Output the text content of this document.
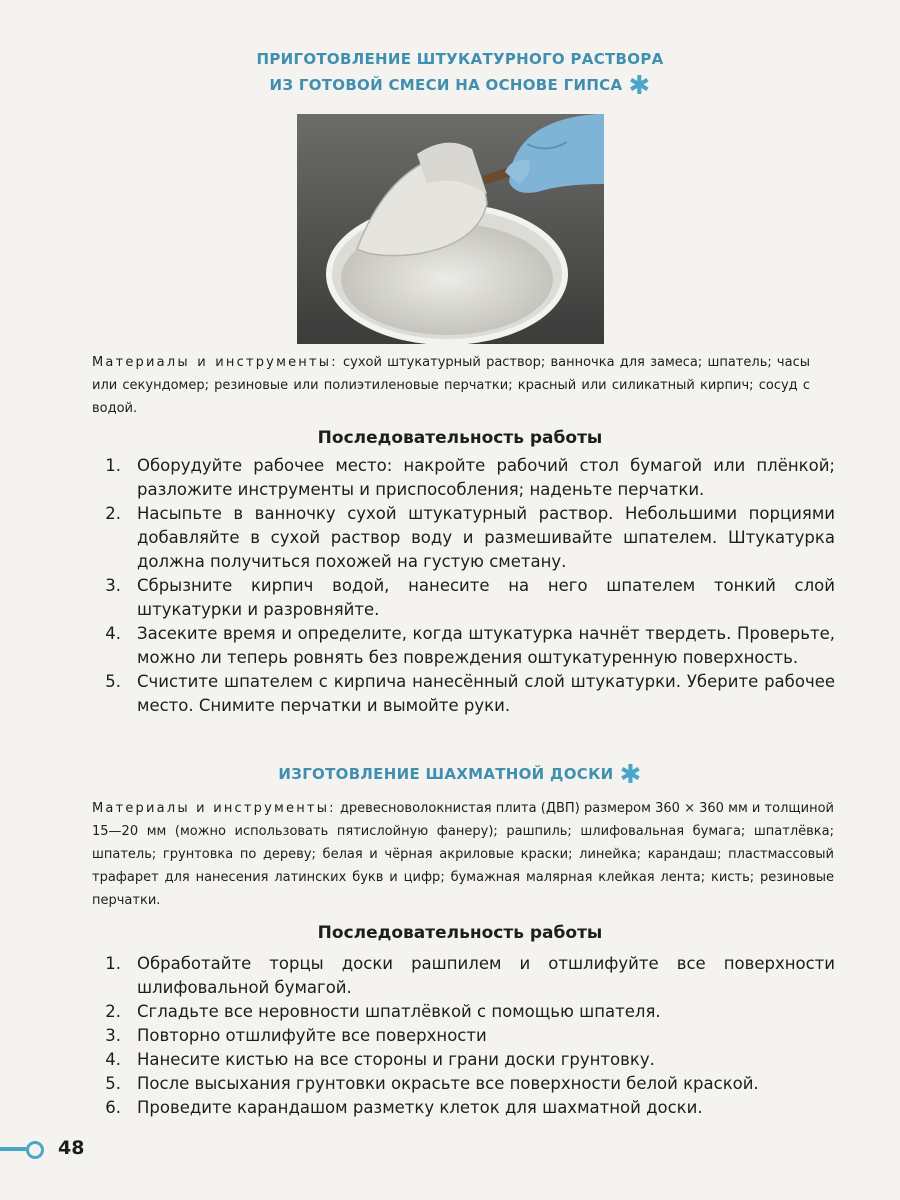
ПРИГОТОВЛЕНИЕ ШТУКАТУРНОГО РАСТВОРА
ИЗ ГОТОВОЙ СМЕСИ НА ОСНОВЕ ГИПСА ✱
Материалы и инструменты: сухой штукатурный раствор; ванночка для замеса; шпатель; часы или секундомер; резиновые или полиэтиленовые перчатки; красный или силикатный кирпич; сосуд с водой.
Последовательность работы
1. Оборудуйте рабочее место: накройте рабочий стол бумагой или плёнкой; разложите инструменты и приспособления; наденьте перчатки.
2. Насыпьте в ванночку сухой штукатурный раствор. Небольшими порциями добавляйте в сухой раствор воду и размешивайте шпателем. Штукатурка должна получиться похожей на густую сметану.
3. Сбрызните кирпич водой, нанесите на него шпателем тонкий слой штукатурки и разровняйте.
4. Засеките время и определите, когда штукатурка начнёт твердеть. Проверьте, можно ли теперь ровнять без повреждения оштукатуренную поверхность.
5. Счистите шпателем с кирпича нанесённый слой штукатурки. Уберите рабочее место. Снимите перчатки и вымойте руки.
ИЗГОТОВЛЕНИЕ ШАХМАТНОЙ ДОСКИ ✱
Материалы и инструменты: древесноволокнистая плита (ДВП) размером 360 × 360 мм и толщиной 15—20 мм (можно использовать пятислойную фанеру); рашпиль; шлифовальная бумага; шпатлёвка; шпатель; грунтовка по дереву; белая и чёрная акриловые краски; линейка; карандаш; пластмассовый трафарет для нанесения латинских букв и цифр; бумажная малярная клейкая лента; кисть; резиновые перчатки.
Последовательность работы
1. Обработайте торцы доски рашпилем и отшлифуйте все поверхности шлифовальной бумагой.
2. Сгладьте все неровности шпатлёвкой с помощью шпателя.
3. Повторно отшлифуйте все поверхности
4. Нанесите кистью на все стороны и грани доски грунтовку.
5. После высыхания грунтовки окрасьте все поверхности белой краской.
6. Проведите карандашом разметку клеток для шахматной доски.
48
